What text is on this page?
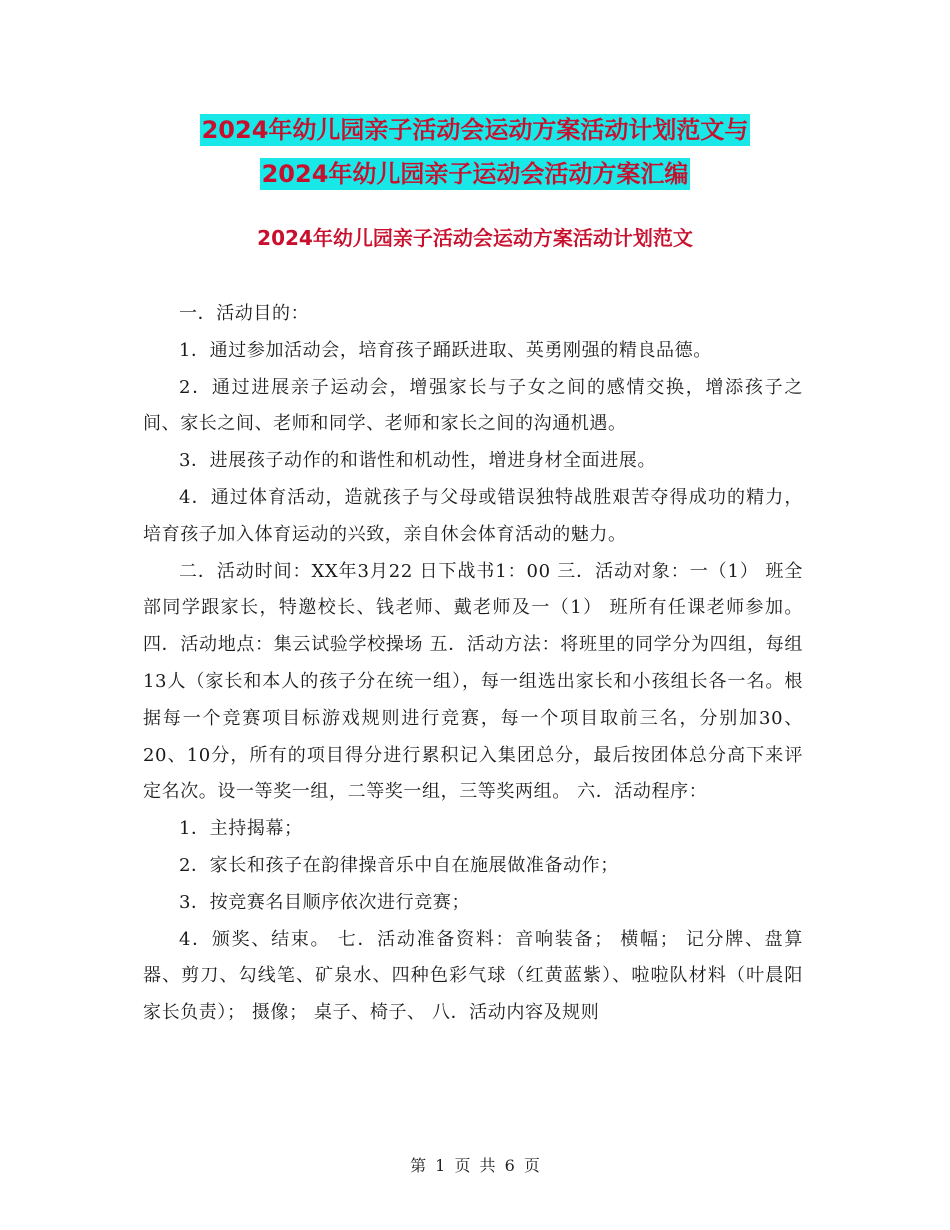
2024年幼儿园亲子活动会运动方案活动计划范文与
2024年幼儿园亲子运动会活动方案汇编
2024年幼儿园亲子活动会运动方案活动计划范文

一．活动目的：

1．通过参加活动会，培育孩子踊跃进取、英勇刚强的精良品德。

2．通过进展亲子运动会，增强家长与子女之间的感情交换，增添孩子之间、家长之间、老师和同学、老师和家长之间的沟通机遇。

3．进展孩子动作的和谐性和机动性，增进身材全面进展。

4．通过体育活动，造就孩子与父母或错误独特战胜艰苦夺得成功的精力，培育孩子加入体育运动的兴致，亲自休会体育活动的魅力。

二．活动时间：XX年3月22 日下战书1：00 三．活动对象：一（1） 班全部同学跟家长，特邀校长、钱老师、戴老师及一（1） 班所有任课老师参加。 四．活动地点：集云试验学校操场 五．活动方法：将班里的同学分为四组，每组13人（家长和本人的孩子分在统一组），每一组选出家长和小孩组长各一名。根据每一个竞赛项目标游戏规则进行竞赛，每一个项目取前三名，分别加30、20、10分，所有的项目得分进行累积记入集团总分，最后按团体总分高下来评定名次。设一等奖一组，二等奖一组，三等奖两组。 六．活动程序：

1．主持揭幕；

2．家长和孩子在韵律操音乐中自在施展做准备动作；

3．按竞赛名目顺序依次进行竞赛；

4．颁奖、结束。 七．活动准备资料：音响装备； 横幅； 记分牌、盘算器、剪刀、勾线笔、矿泉水、四种色彩气球（红黄蓝紫）、啦啦队材料（叶晨阳家长负责）； 摄像； 桌子、椅子、 八．活动内容及规则

第 1 页 共 6 页
